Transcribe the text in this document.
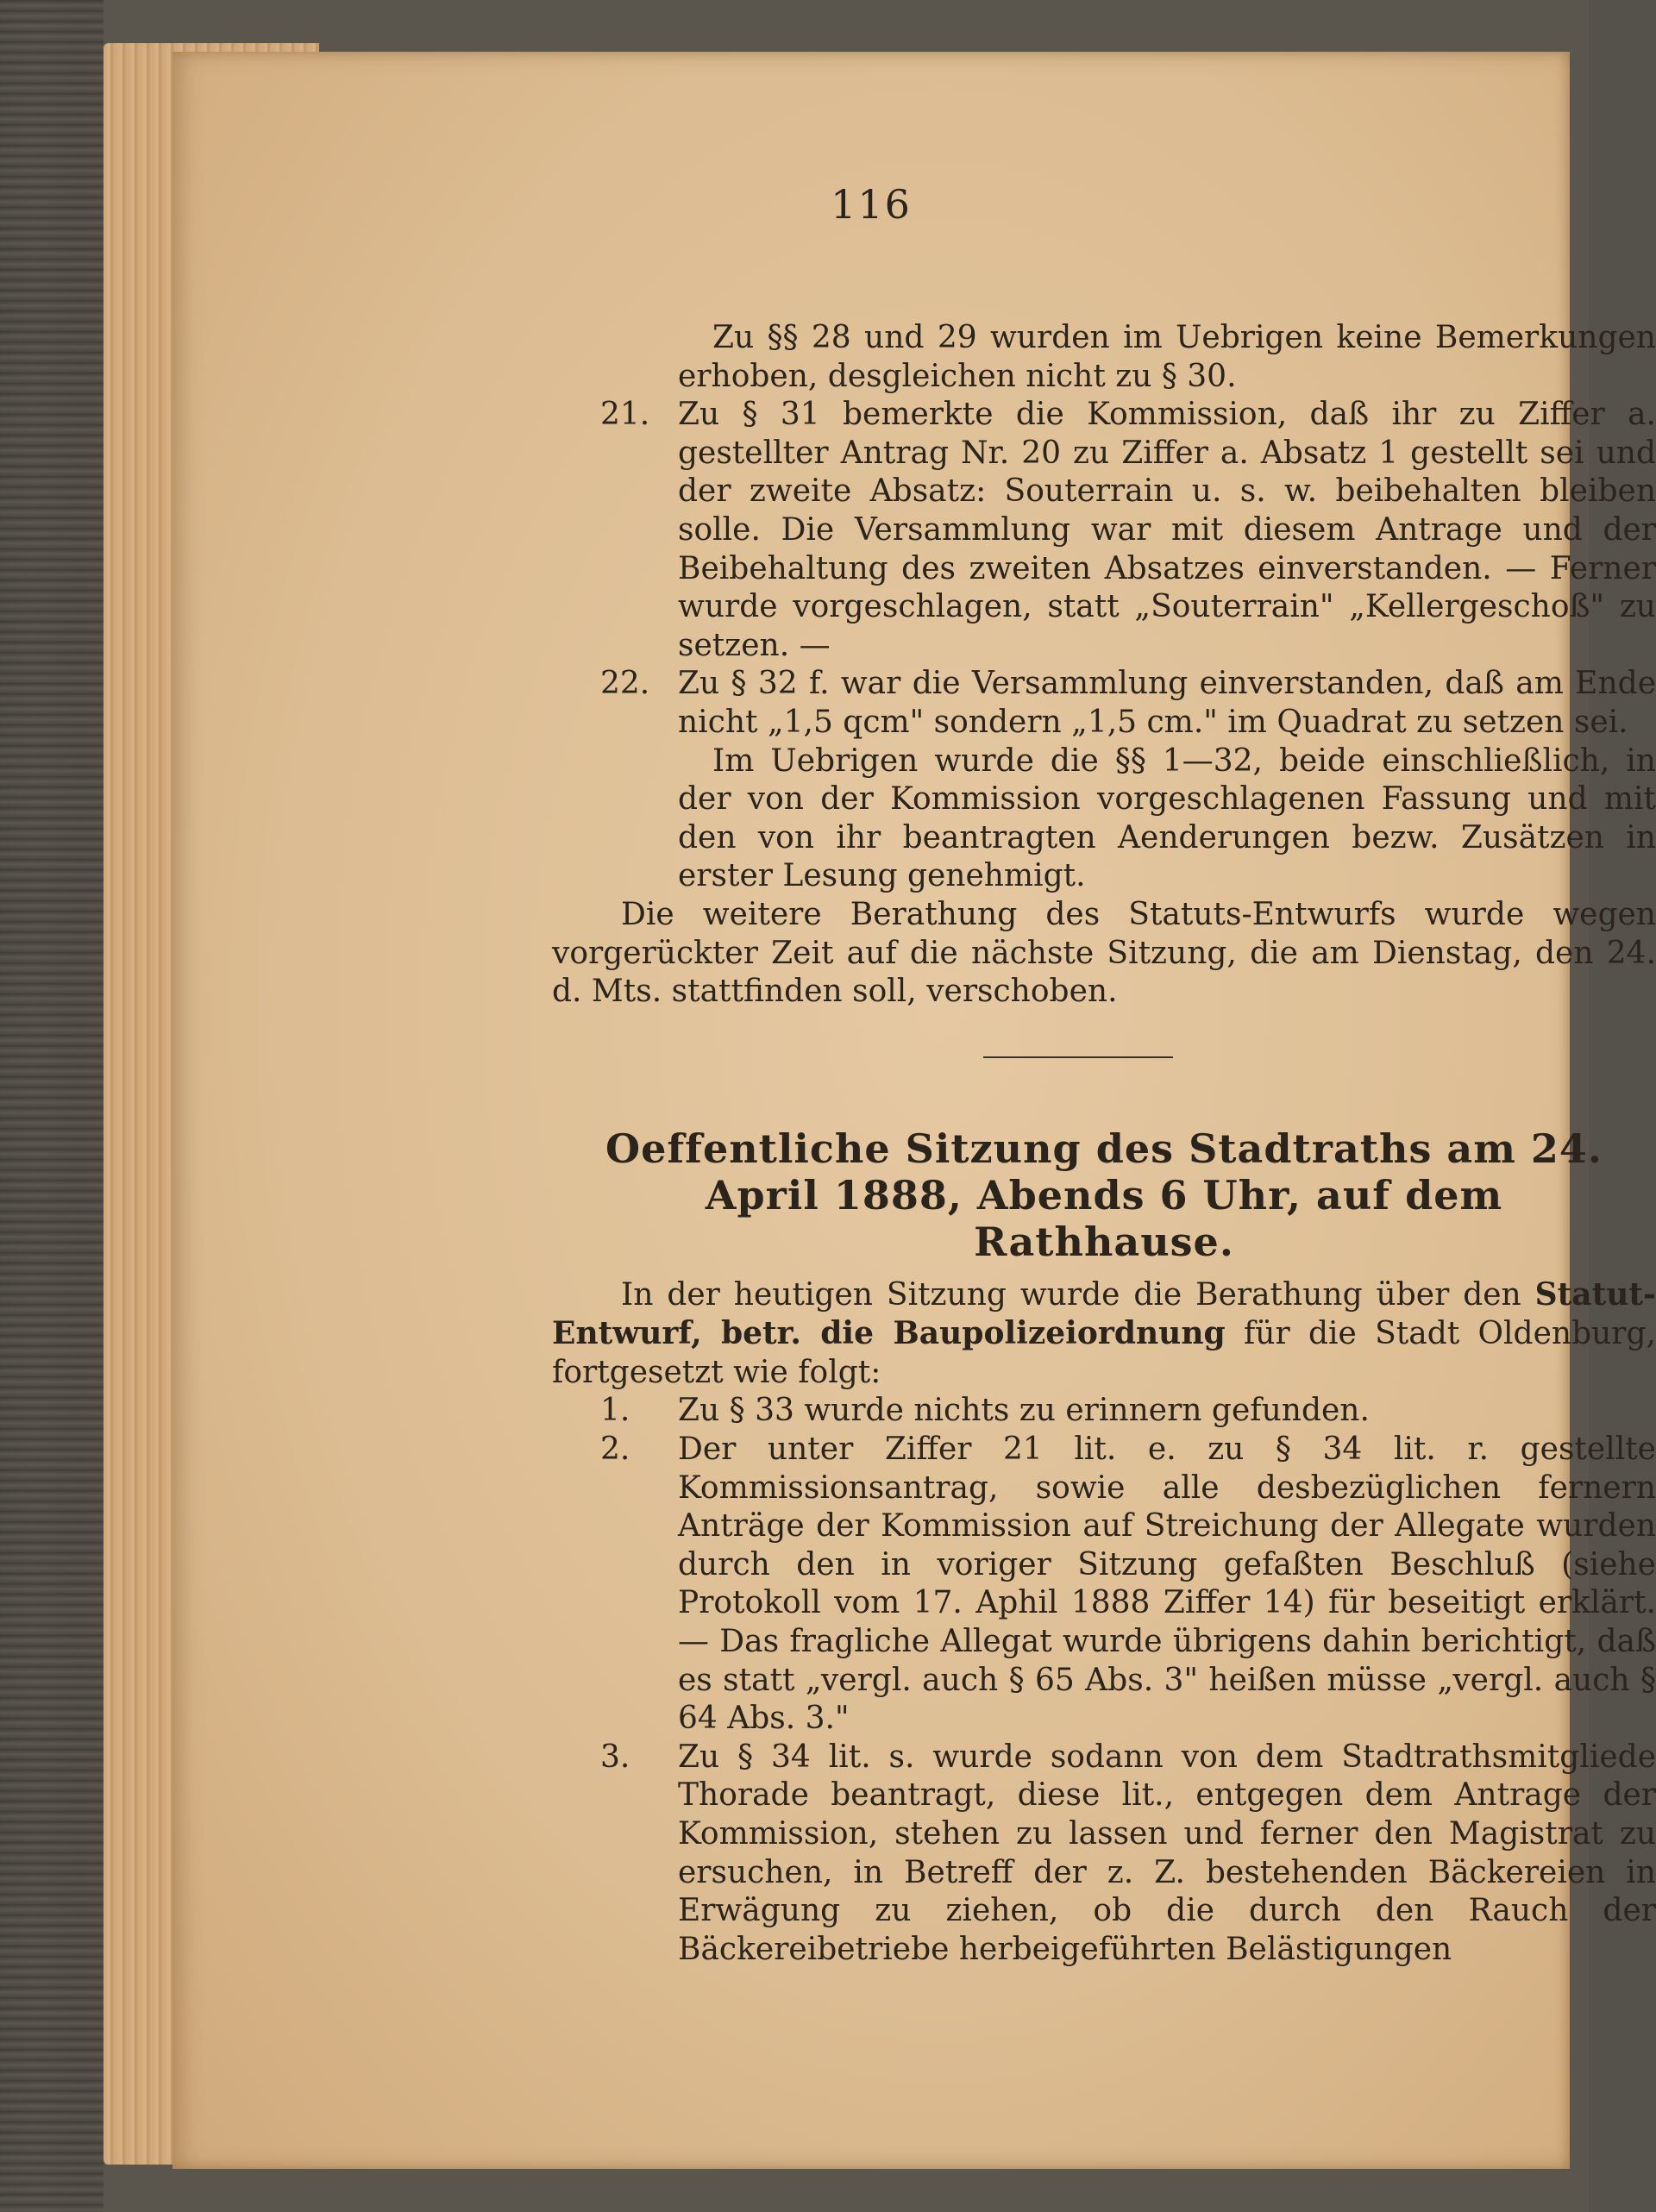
116

Zu §§ 28 und 29 wurden im Uebrigen keine Bemerkungen erhoben, desgleichen nicht zu § 30.

21. Zu § 31 bemerkte die Kommission, daß ihr zu Ziffer a. gestellter Antrag Nr. 20 zu Ziffer a. Absatz 1 gestellt sei und der zweite Absatz: Souterrain u. s. w. beibehalten bleiben solle. Die Versammlung war mit diesem Antrage und der Beibehaltung des zweiten Absatzes einverstanden. — Ferner wurde vorgeschlagen, statt „Souterrain" „Kellergeschoß" zu setzen. —

22. Zu § 32 f. war die Versammlung einverstanden, daß am Ende nicht „1,5 qcm" sondern „1,5 cm." im Quadrat zu setzen sei.

Im Uebrigen wurde die §§ 1—32, beide einschließlich, in der von der Kommission vorgeschlagenen Fassung und mit den von ihr beantragten Aenderungen bezw. Zusätzen in erster Lesung genehmigt.

Die weitere Berathung des Statuts-Entwurfs wurde wegen vorgerückter Zeit auf die nächste Sitzung, die am Dienstag, den 24. d. Mts. stattfinden soll, verschoben.

Oeffentliche Sitzung des Stadtraths am 24.
April 1888, Abends 6 Uhr, auf dem
Rathhause.

In der heutigen Sitzung wurde die Berathung über den Statut-Entwurf, betr. die Baupolizeiordnung für die Stadt Oldenburg, fortgesetzt wie folgt:

1. Zu § 33 wurde nichts zu erinnern gefunden.

2. Der unter Ziffer 21 lit. e. zu § 34 lit. r. gestellte Kommissionsantrag, sowie alle desbezüglichen fernern Anträge der Kommission auf Streichung der Allegate wurden durch den in voriger Sitzung gefaßten Beschluß (siehe Protokoll vom 17. Aphil 1888 Ziffer 14) für beseitigt erklärt. — Das fragliche Allegat wurde übrigens dahin berichtigt, daß es statt „vergl. auch § 65 Abs. 3" heißen müsse „vergl. auch § 64 Abs. 3."

3. Zu § 34 lit. s. wurde sodann von dem Stadtrathsmitgliede Thorade beantragt, diese lit., entgegen dem Antrage der Kommission, stehen zu lassen und ferner den Magistrat zu ersuchen, in Betreff der z. Z. bestehenden Bäckereien in Erwägung zu ziehen, ob die durch den Rauch der Bäckereibetriebe herbeigeführten Belästigungen
